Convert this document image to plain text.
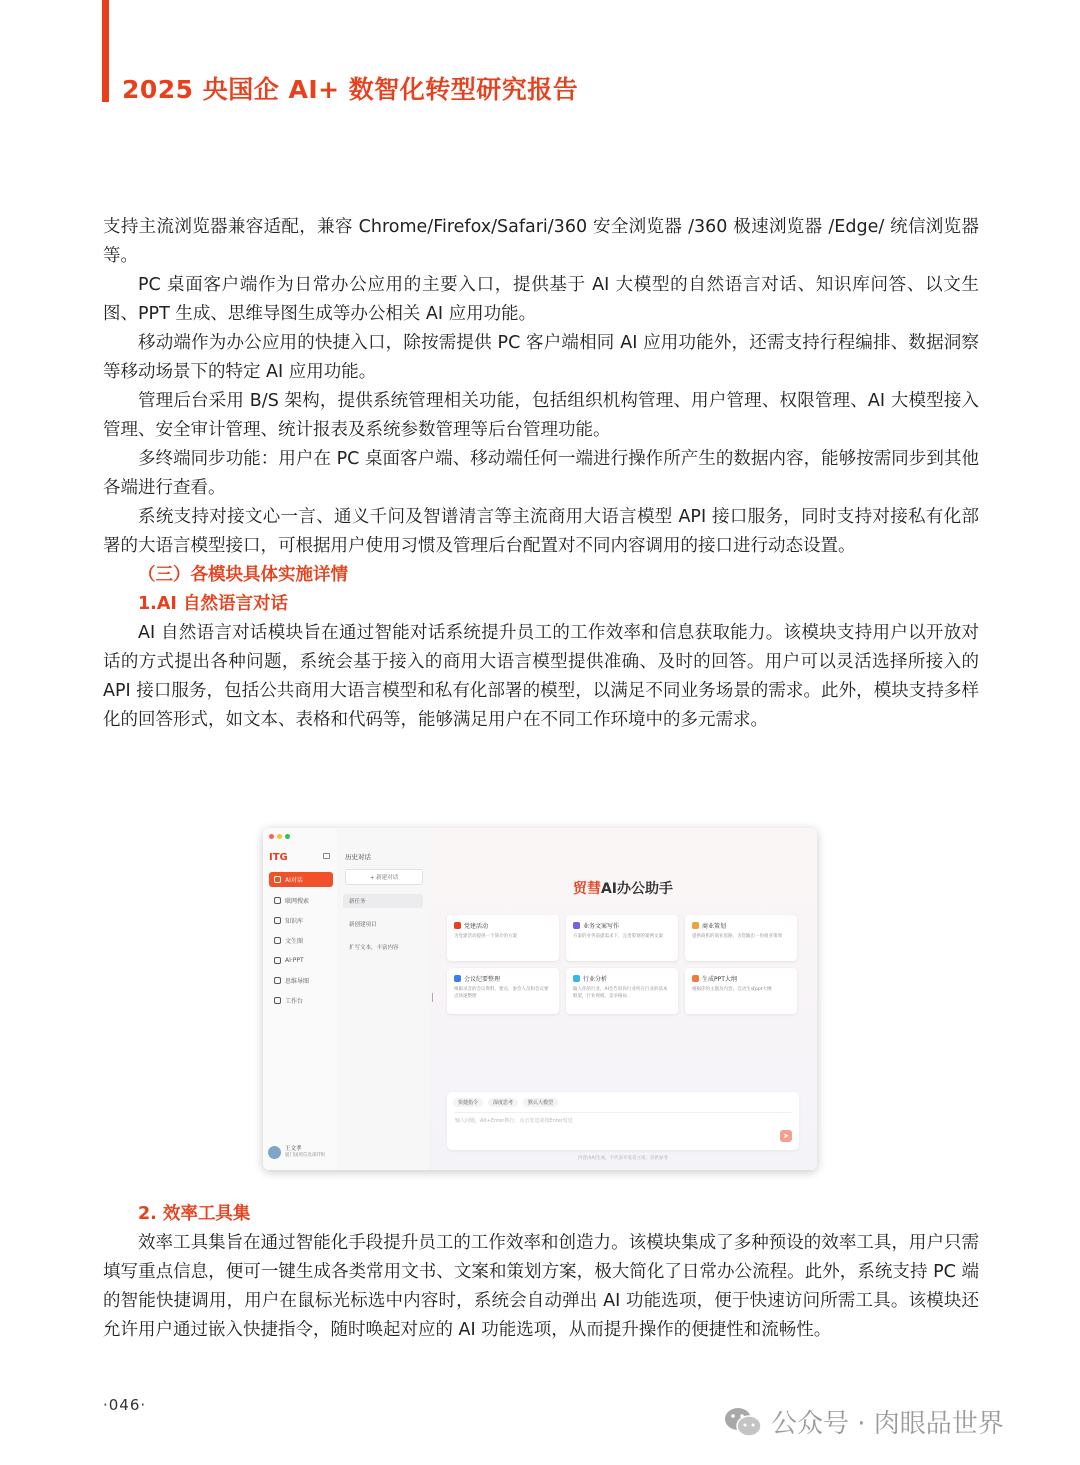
2025 央国企 AI+ 数智化转型研究报告

支持主流浏览器兼容适配，兼容 Chrome/Firefox/Safari/360 安全浏览器 /360 极速浏览器 /Edge/ 统信浏览器等。

PC 桌面客户端作为日常办公应用的主要入口，提供基于 AI 大模型的自然语言对话、知识库问答、以文生图、PPT 生成、思维导图生成等办公相关 AI 应用功能。

移动端作为办公应用的快捷入口，除按需提供 PC 客户端相同 AI 应用功能外，还需支持行程编排、数据洞察等移动场景下的特定 AI 应用功能。

管理后台采用 B/S 架构，提供系统管理相关功能，包括组织机构管理、用户管理、权限管理、AI 大模型接入管理、安全审计管理、统计报表及系统参数管理等后台管理功能。

多终端同步功能：用户在 PC 桌面客户端、移动端任何一端进行操作所产生的数据内容，能够按需同步到其他各端进行查看。

系统支持对接文心一言、通义千问及智谱清言等主流商用大语言模型 API 接口服务，同时支持对接私有化部署的大语言模型接口，可根据用户使用习惯及管理后台配置对不同内容调用的接口进行动态设置。

（三）各模块具体实施详情

1.AI 自然语言对话

AI 自然语言对话模块旨在通过智能对话系统提升员工的工作效率和信息获取能力。该模块支持用户以开放对话的方式提出各种问题，系统会基于接入的商用大语言模型提供准确、及时的回答。用户可以灵活选择所接入的 API 接口服务，包括公共商用大语言模型和私有化部署的模型，以满足不同业务场景的需求。此外，模块支持多样化的回答形式，如文本、表格和代码等，能够满足用户在不同工作环境中的多元需求。

ITG
AI对话
联网搜索
知识库
文生图
AI·PPT
思维导图
工作台
王文孝
厦门国贸信息部IT组
历史对话
+ 新建对话
新任务
新创建项目
扩写文本，丰富内容
贸彗AI办公助手
党建活动
为党建活动提供一个简介的方案
业务文案写作
方案的业务前提需求下，完善策划的案例文案
商业策划
提供商机的商业思路，为您输出一份商业策划
会议纪要整理
根据录音的会议资料，要点，参会人员和会议要点快速整理
行业分析
输入你的行业，AI会告诉你行业所在行业的基本框架，行业规模，竞争格局
生成PPT大纲
根据你的主题及内容，自动生成ppt大纲
快捷指令	深度思考	默认大模型
输入问题，Alt+Enter换行，点击发送或按Enter发送
➤
内容由AI生成，不代表开发者立场，仅供参考

2. 效率工具集

效率工具集旨在通过智能化手段提升员工的工作效率和创造力。该模块集成了多种预设的效率工具，用户只需填写重点信息，便可一键生成各类常用文书、文案和策划方案，极大简化了日常办公流程。此外，系统支持 PC 端的智能快捷调用，用户在鼠标光标选中内容时，系统会自动弹出 AI 功能选项，便于快速访问所需工具。该模块还允许用户通过嵌入快捷指令，随时唤起对应的 AI 功能选项，从而提升操作的便捷性和流畅性。

·046·
公众号 · 肉眼品世界
